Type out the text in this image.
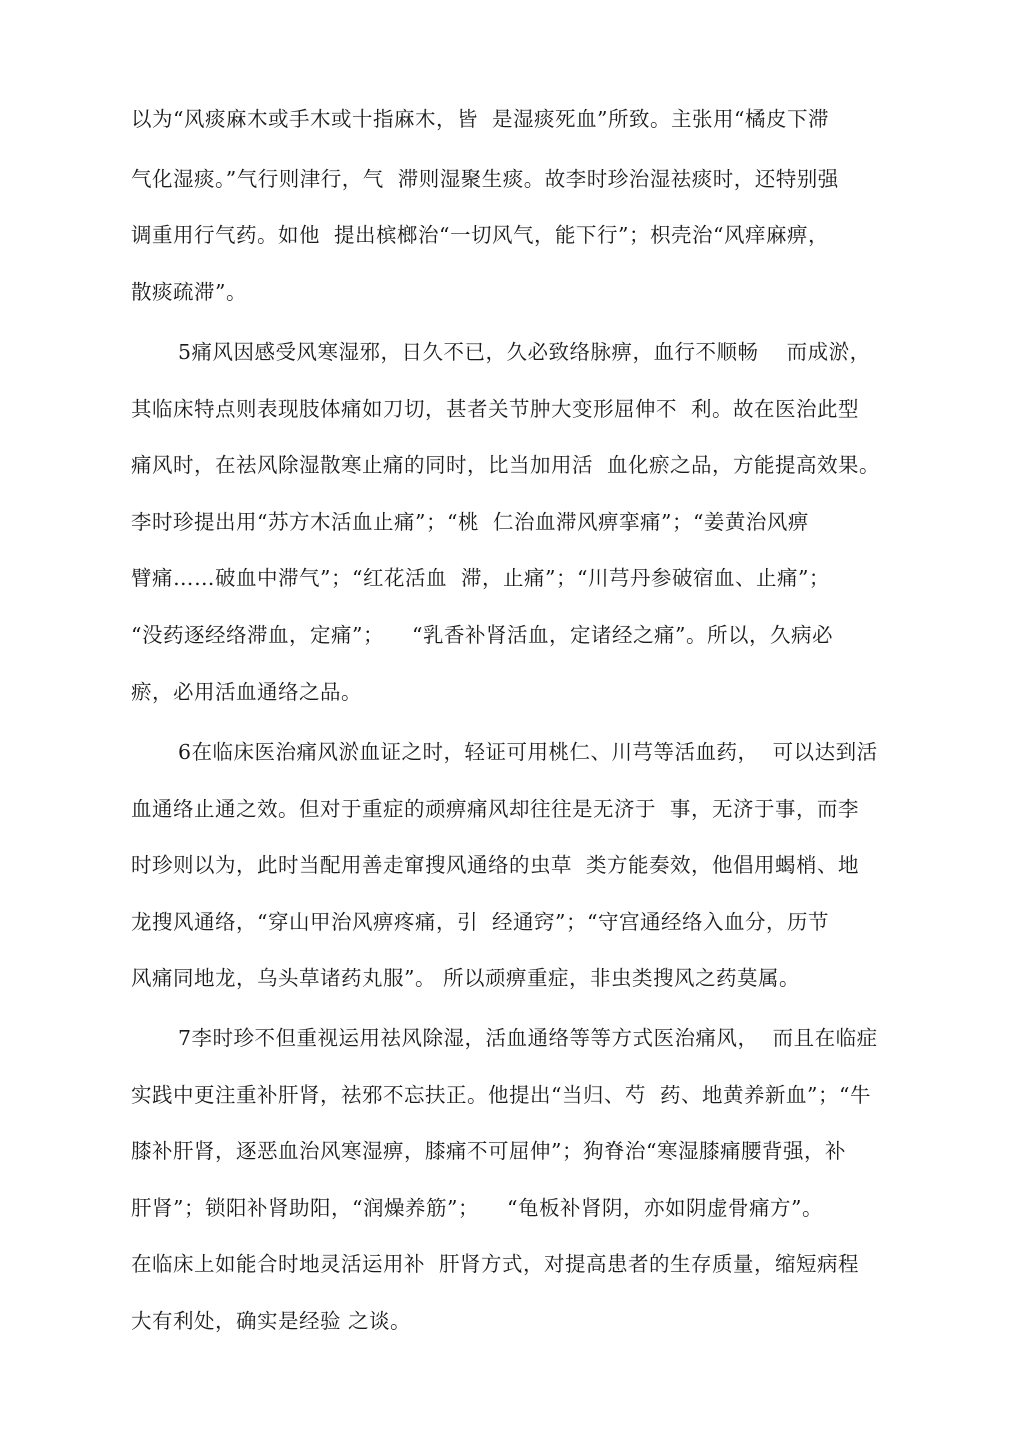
以为“风痰麻木或手木或十指麻木，皆  是湿痰死血”所致。主张用“橘皮下滞
气化湿痰。”气行则津行，气  滞则湿聚生痰。故李时珍治湿祛痰时，还特别强
调重用行气药。如他  提出槟榔治“一切风气，能下行”；枳壳治“风痒麻痹，
散痰疏滞”。
5痛风因感受风寒湿邪，日久不已，久必致络脉痹，血行不顺畅    而成淤，
其临床特点则表现肢体痛如刀切，甚者关节肿大变形屈伸不  利。故在医治此型
痛风时，在祛风除湿散寒止痛的同时，比当加用活  血化瘀之品，方能提高效果。
李时珍提出用“苏方木活血止痛”；“桃  仁治血滞风痹挛痛”；“姜黄治风痹
臂痛……破血中滞气”；“红花活血  滞，止痛”；“川芎丹参破宿血、止痛”；
“没药逐经络滞血，定痛”；    “乳香补肾活血，定诸经之痛”。所以，久病必
瘀，必用活血通络之品。
6在临床医治痛风淤血证之时，轻证可用桃仁、川芎等活血药，  可以达到活
血通络止通之效。但对于重症的顽痹痛风却往往是无济于  事，无济于事，而李
时珍则以为，此时当配用善走窜搜风通络的虫草  类方能奏效，他倡用蝎梢、地
龙搜风通络，“穿山甲治风痹疼痛，引  经通窍”；“守宫通经络入血分，历节
风痛同地龙，乌头草诸药丸服”。 所以顽痹重症，非虫类搜风之药莫属。
7李时珍不但重视运用祛风除湿，活血通络等等方式医治痛风，  而且在临症
实践中更注重补肝肾，祛邪不忘扶正。他提出“当归、芍  药、地黄养新血”；“牛
膝补肝肾，逐恶血治风寒湿痹，膝痛不可屈伸”；狗脊治“寒湿膝痛腰背强，补
肝肾”；锁阳补肾助阳，“润燥养筋”；    “龟板补肾阴，亦如阴虚骨痛方”。
在临床上如能合时地灵活运用补  肝肾方式，对提高患者的生存质量，缩短病程
大有利处，确实是经验 之谈。
